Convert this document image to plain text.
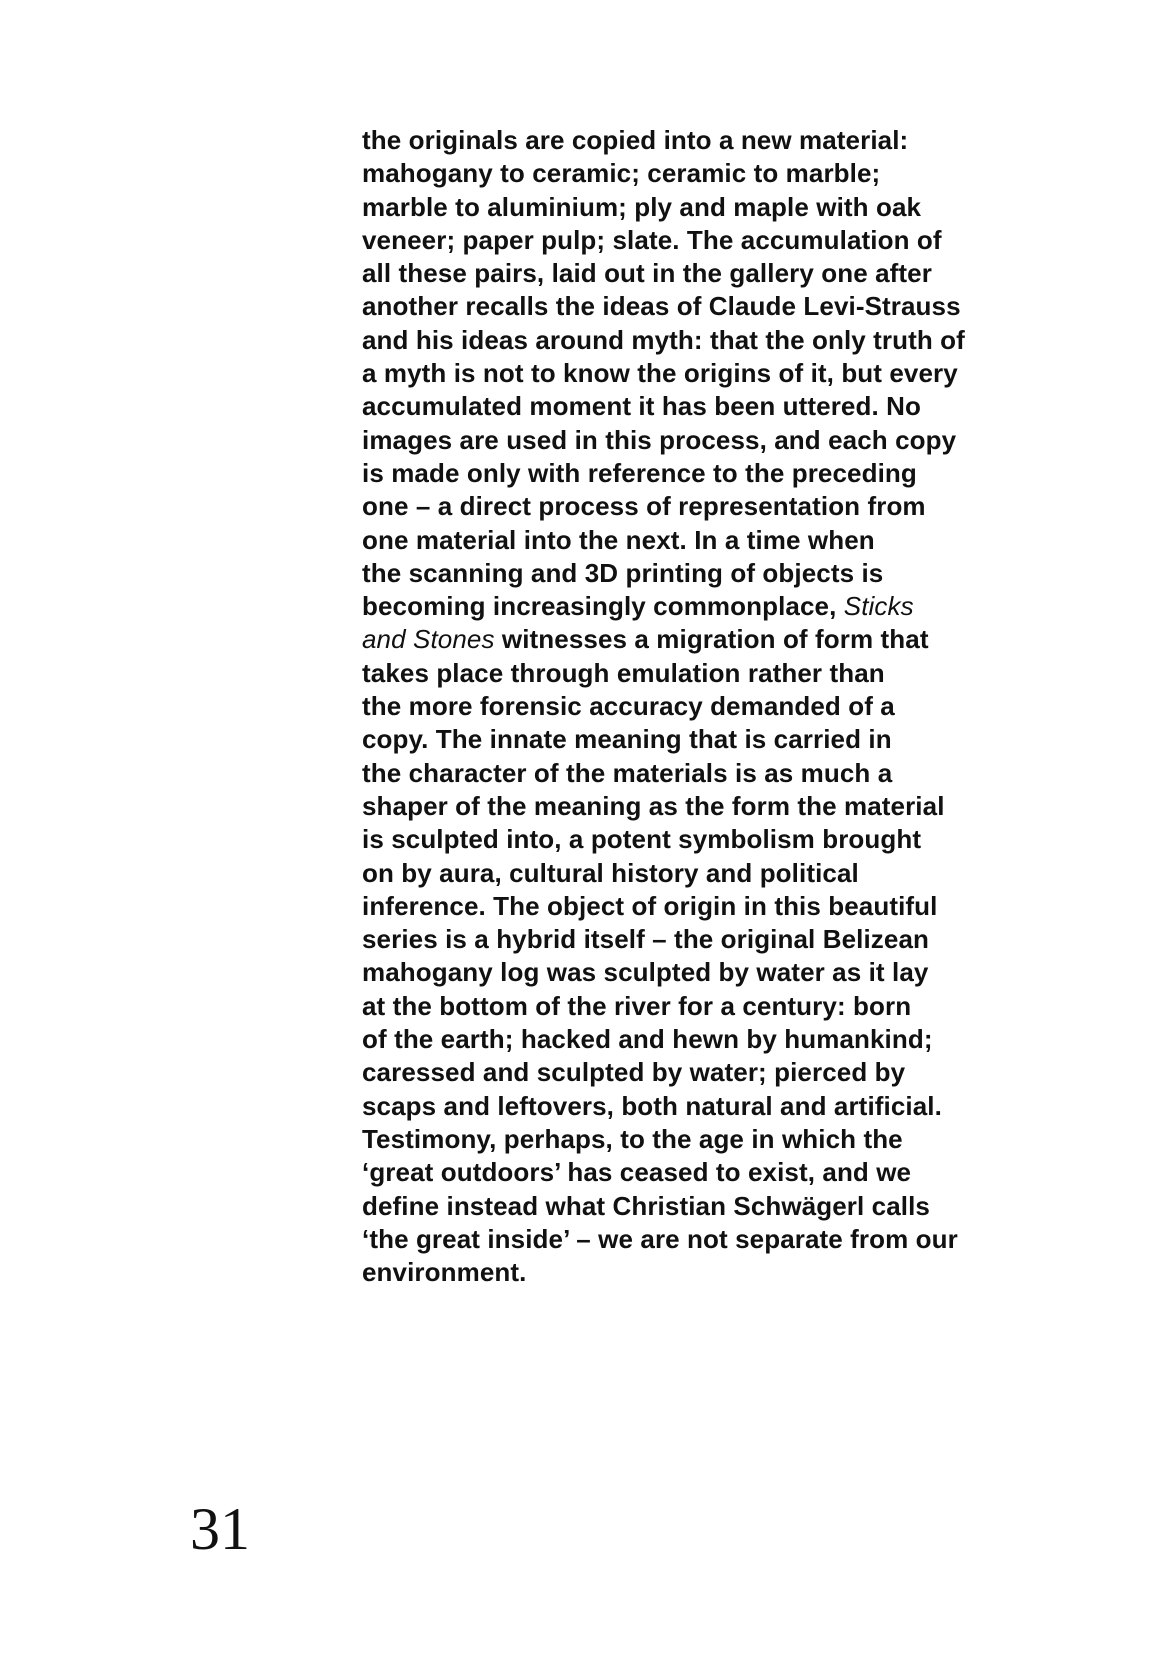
the originals are copied into a new material:
mahogany to ceramic; ceramic to marble;
marble to aluminium; ply and maple with oak
veneer; paper pulp; slate. The accumulation of
all these pairs, laid out in the gallery one after
another recalls the ideas of Claude Levi-Strauss
and his ideas around myth: that the only truth of
a myth is not to know the origins of it, but every
accumulated moment it has been uttered. No
images are used in this process, and each copy
is made only with reference to the preceding
one – a direct process of representation from
one material into the next. In a time when
the scanning and 3D printing of objects is
becoming increasingly commonplace, Sticks
and Stones witnesses a migration of form that
takes place through emulation rather than
the more forensic accuracy demanded of a
copy. The innate meaning that is carried in
the character of the materials is as much a
shaper of the meaning as the form the material
is sculpted into, a potent symbolism brought
on by aura, cultural history and political
inference. The object of origin in this beautiful
series is a hybrid itself – the original Belizean
mahogany log was sculpted by water as it lay
at the bottom of the river for a century: born
of the earth; hacked and hewn by humankind;
caressed and sculpted by water; pierced by
scaps and leftovers, both natural and artificial.
Testimony, perhaps, to the age in which the
‘great outdoors’ has ceased to exist, and we
define instead what Christian Schwägerl calls
‘the great inside’ – we are not separate from our
environment.
31
